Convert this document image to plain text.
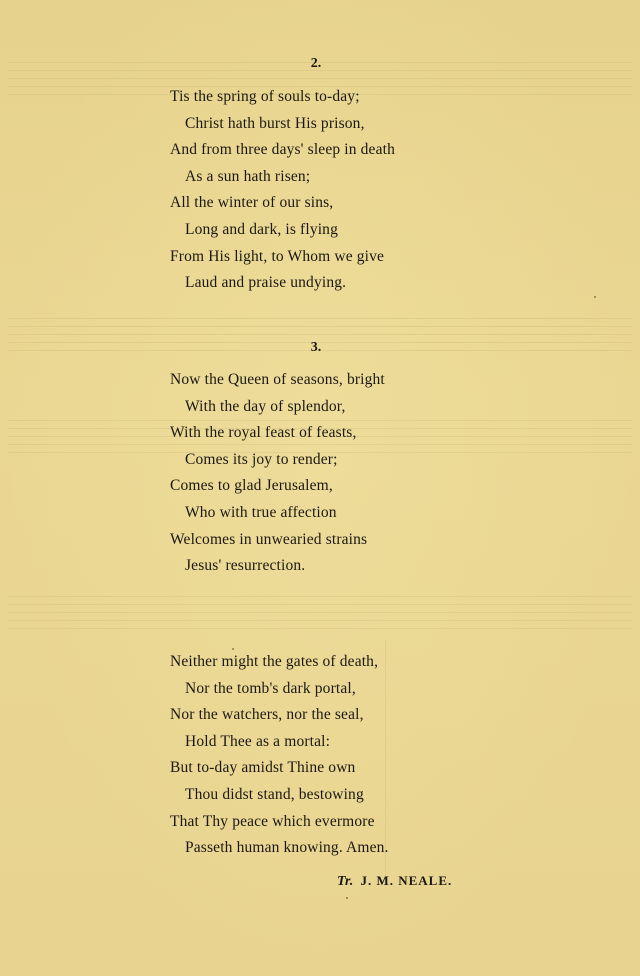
2.
Tis the spring of souls to-day;
Christ hath burst His prison,
And from three days' sleep in death
As a sun hath risen;
All the winter of our sins,
Long and dark, is flying
From His light, to Whom we give
Laud and praise undying.
3.
Now the Queen of seasons, bright
With the day of splendor,
With the royal feast of feasts,
Comes its joy to render;
Comes to glad Jerusalem,
Who with true affection
Welcomes in unwearied strains
Jesus' resurrection.
Neither might the gates of death,
Nor the tomb's dark portal,
Nor the watchers, nor the seal,
Hold Thee as a mortal:
But to-day amidst Thine own
Thou didst stand, bestowing
That Thy peace which evermore
Passeth human knowing. Amen.
Tr. J. M. NEALE.
